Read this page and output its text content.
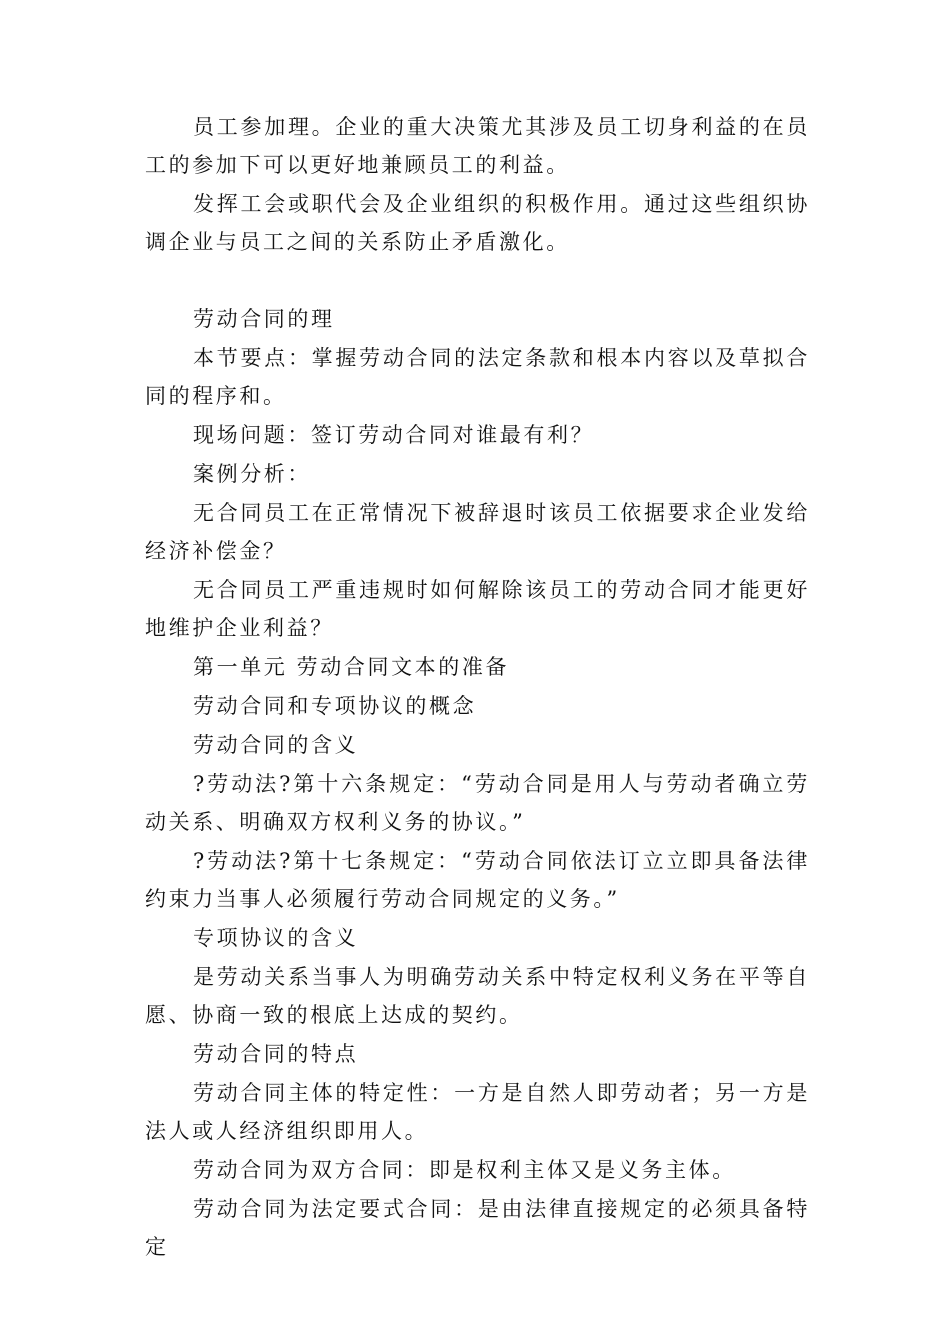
员工参加理。企业的重大决策尤其涉及员工切身利益的在员工的参加下可以更好地兼顾员工的利益。

发挥工会或职代会及企业组织的积极作用。通过这些组织协调企业与员工之间的关系防止矛盾激化。

劳动合同的理

本节要点：掌握劳动合同的法定条款和根本内容以及草拟合同的程序和。

现场问题：签订劳动合同对谁最有利？

案例分析：

无合同员工在正常情况下被辞退时该员工依据要求企业发给经济补偿金？

无合同员工严重违规时如何解除该员工的劳动合同才能更好地维护企业利益？

第一单元 劳动合同文本的准备

劳动合同和专项协议的概念

劳动合同的含义

?劳动法?第十六条规定：“劳动合同是用人与劳动者确立劳动关系、明确双方权利义务的协议。”

?劳动法?第十七条规定：“劳动合同依法订立立即具备法律约束力当事人必须履行劳动合同规定的义务。”

专项协议的含义

是劳动关系当事人为明确劳动关系中特定权利义务在平等自愿、协商一致的根底上达成的契约。

劳动合同的特点

劳动合同主体的特定性：一方是自然人即劳动者；另一方是法人或人经济组织即用人。

劳动合同为双方合同：即是权利主体又是义务主体。

劳动合同为法定要式合同：是由法律直接规定的必须具备特定
